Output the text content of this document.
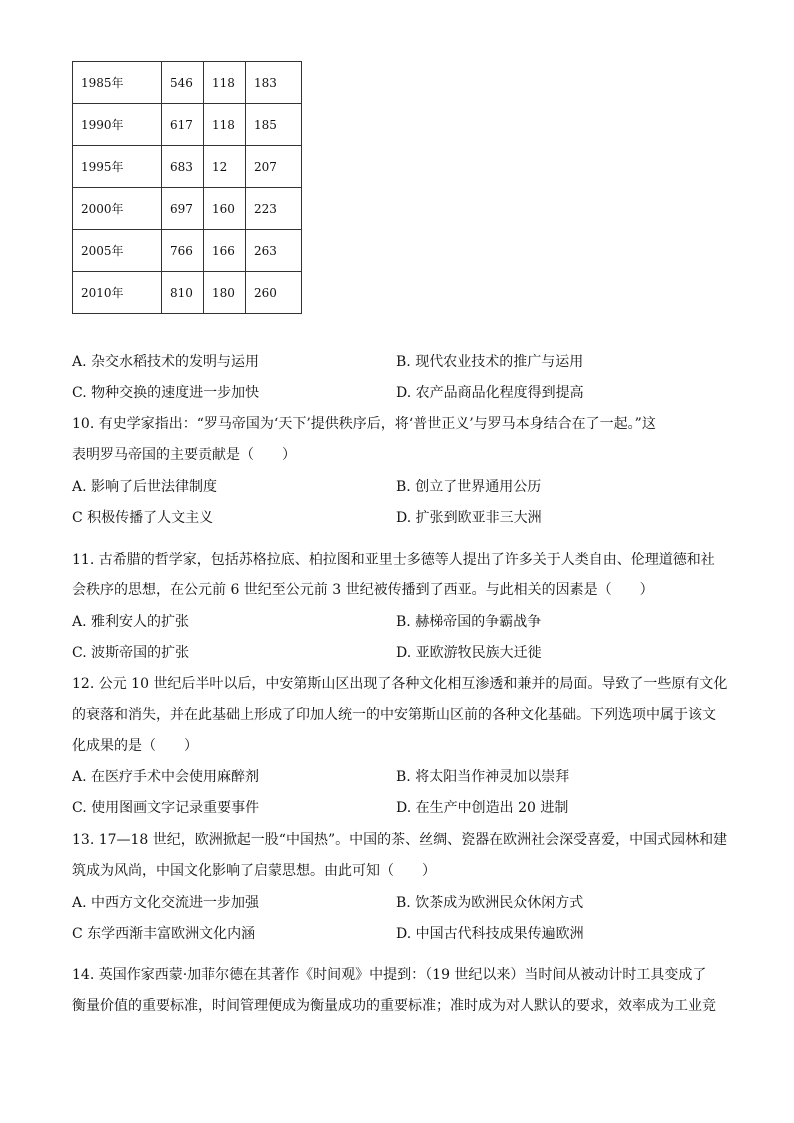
1985年	546	118	183
1990年	617	118	185
1995年	683	12	207
2000年	697	160	223
2005年	766	166	263
2010年	810	180	260
A. 杂交水稻技术的发明与运用	B. 现代农业技术的推广与运用
C. 物种交换的速度进一步加快	D. 农产品商品化程度得到提高
10. 有史学家指出：“罗马帝国为‘天下’提供秩序后，将‘普世正义’与罗马本身结合在了一起。”这
表明罗马帝国的主要贡献是（　　）
A. 影响了后世法律制度	B. 创立了世界通用公历
C 积极传播了人文主义	D. 扩张到欧亚非三大洲
11. 古希腊的哲学家，包括苏格拉底、柏拉图和亚里士多德等人提出了许多关于人类自由、伦理道德和社
会秩序的思想，在公元前 6 世纪至公元前 3 世纪被传播到了西亚。与此相关的因素是（　　）
A. 雅利安人的扩张	B. 赫梯帝国的争霸战争
C. 波斯帝国的扩张	D. 亚欧游牧民族大迁徙
12. 公元 10 世纪后半叶以后，中安第斯山区出现了各种文化相互渗透和兼并的局面。导致了一些原有文化
的衰落和消失，并在此基础上形成了印加人统一的中安第斯山区前的各种文化基础。下列选项中属于该文
化成果的是（　　）
A. 在医疗手术中会使用麻醉剂	B. 将太阳当作神灵加以崇拜
C. 使用图画文字记录重要事件	D. 在生产中创造出 20 进制
13. 17—18 世纪，欧洲掀起一股“中国热”。中国的茶、丝绸、瓷器在欧洲社会深受喜爱，中国式园林和建
筑成为风尚，中国文化影响了启蒙思想。由此可知（　　）
A. 中西方文化交流进一步加强	B. 饮茶成为欧洲民众休闲方式
C 东学西渐丰富欧洲文化内涵	D. 中国古代科技成果传遍欧洲
14. 英国作家西蒙·加菲尔德在其著作《时间观》中提到：（19 世纪以来）当时间从被动计时工具变成了
衡量价值的重要标准，时间管理便成为衡量成功的重要标准；准时成为对人默认的要求，效率成为工业竞
